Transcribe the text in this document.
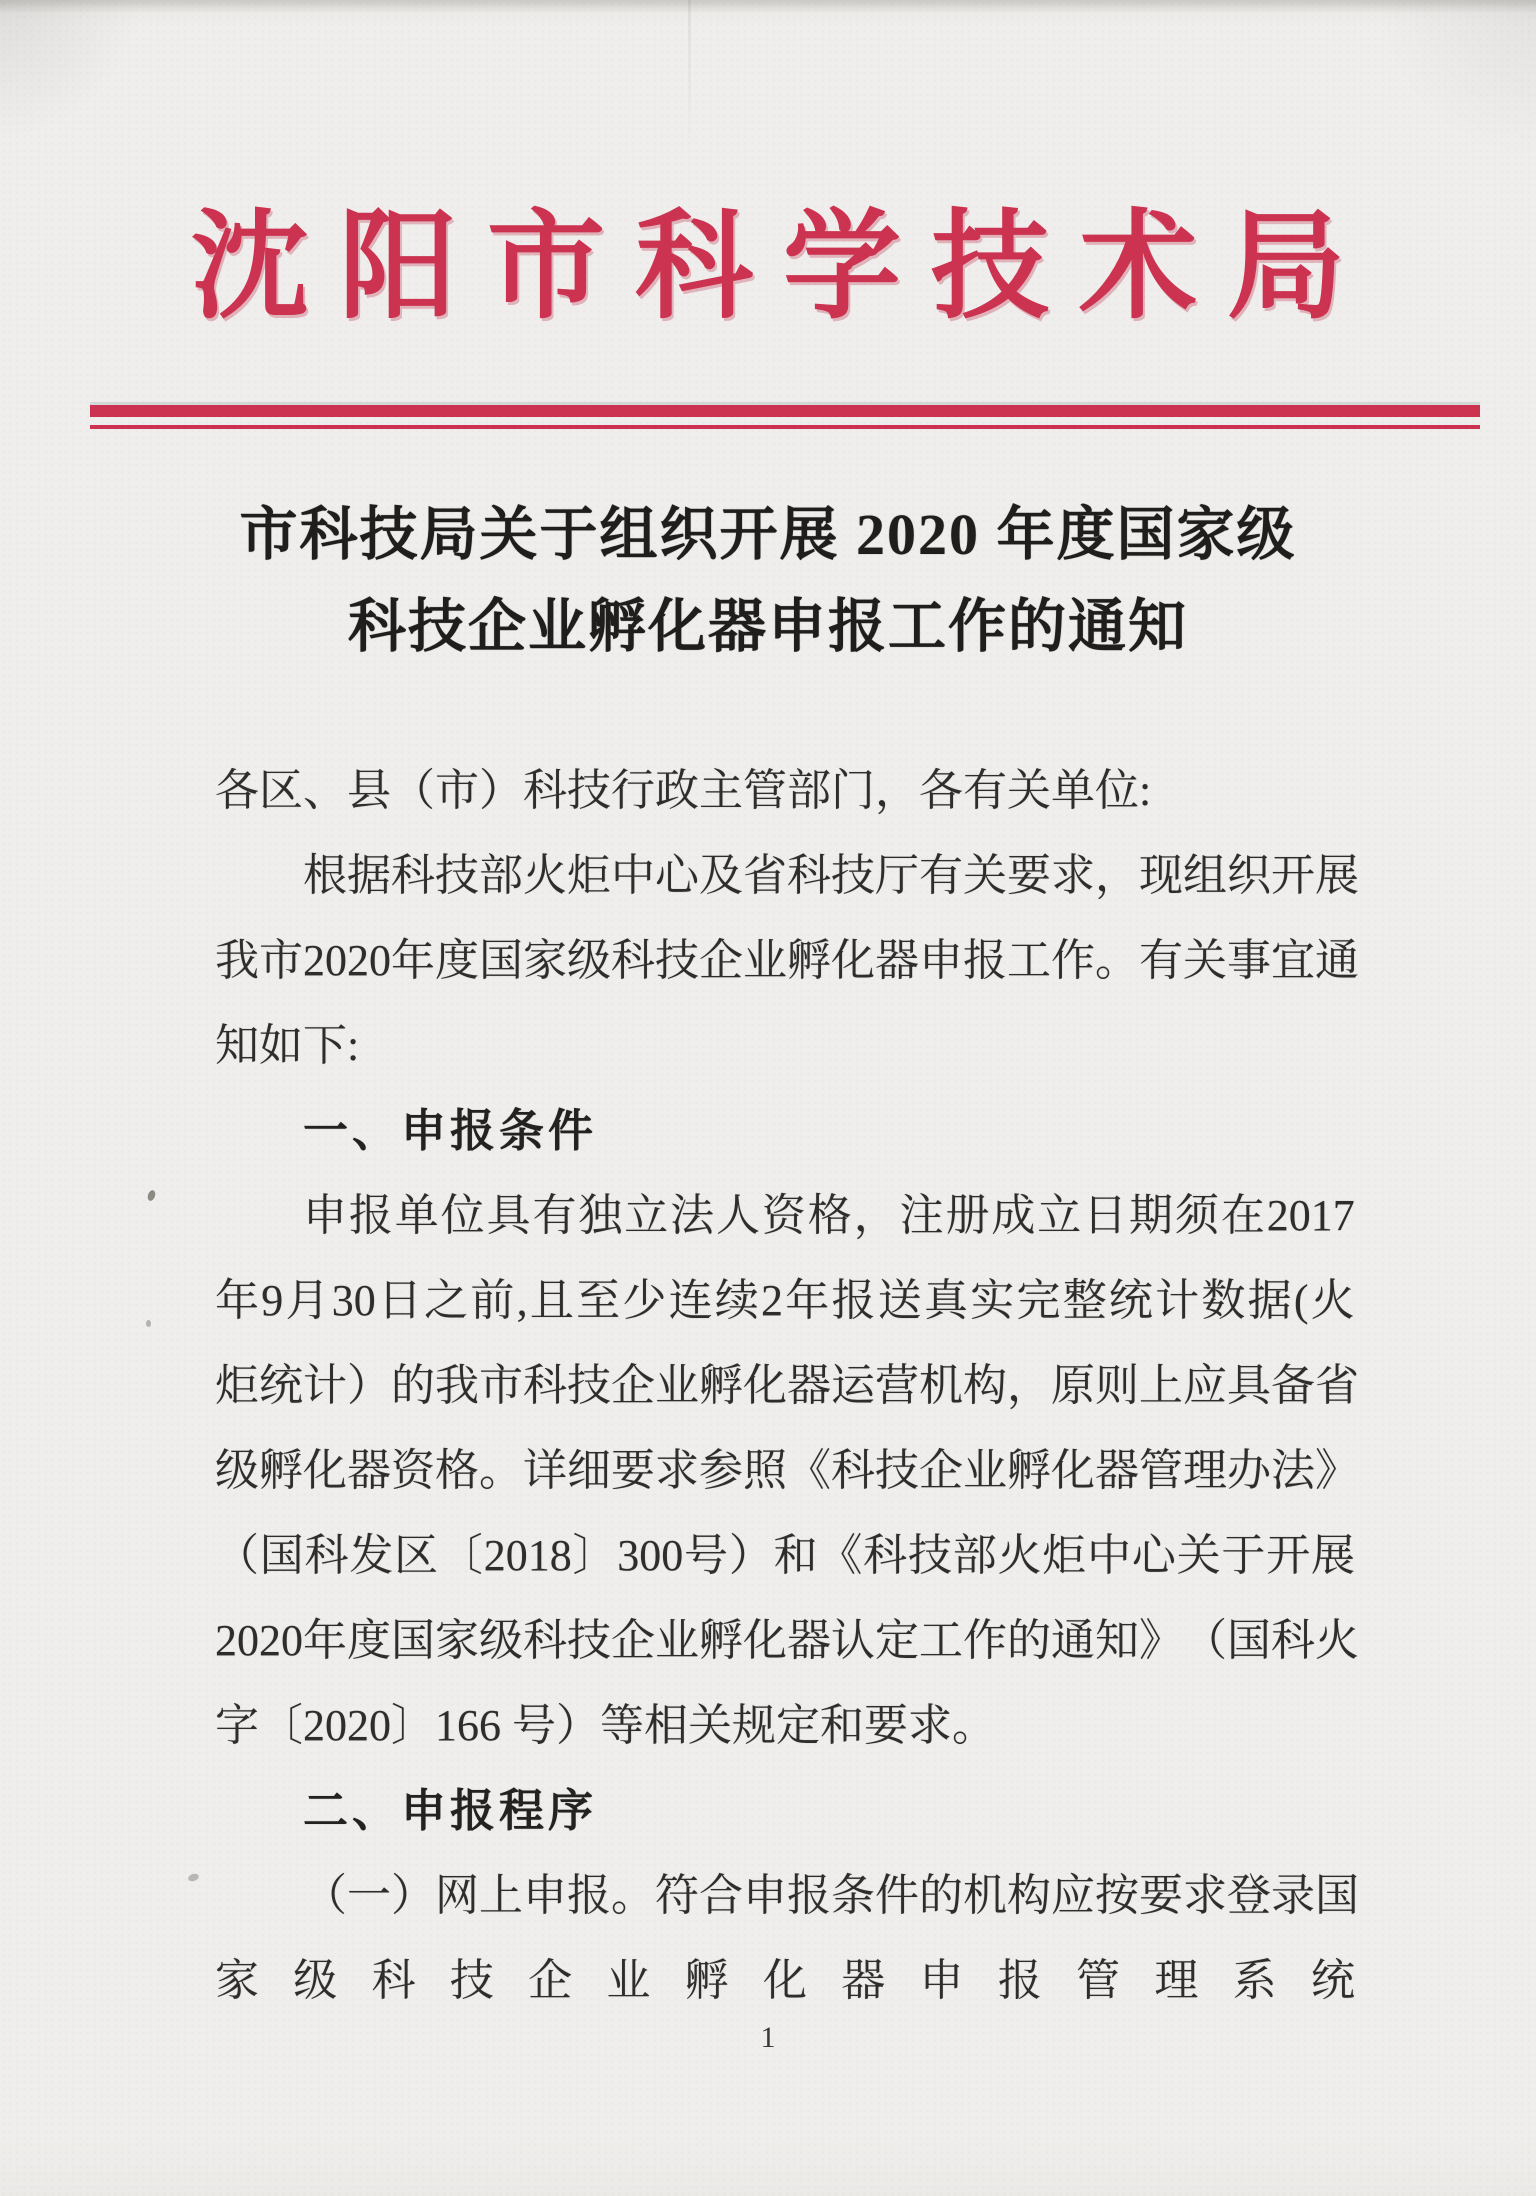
沈阳市科学技术局
市科技局关于组织开展 2020 年度国家级
科技企业孵化器申报工作的通知
各区、县（市）科技行政主管部门，各有关单位:
根 据 科 技 部 火 炬 中 心 及 省 科 技 厅 有 关 要 求 ， 现 组 织 开 展
我 市 2020 年 度 国 家 级 科 技 企 业 孵 化 器 申 报 工 作 。 有 关 事 宜 通
知如下:
一、申报条件
申 报 单 位 具 有 独 立 法 人 资 格 ， 注 册 成 立 日 期 须 在 2017
年 9 月 30 日 之 前 , 且 至 少 连 续 2 年 报 送 真 实 完 整 统 计 数 据 ( 火
炬 统 计 ） 的 我 市 科 技 企 业 孵 化 器 运 营 机 构 ， 原 则 上 应 具 备 省
级 孵 化 器 资 格 。 详 细 要 求 参 照 《 科 技 企 业 孵 化 器 管 理 办 法 》
（ 国 科 发 区 〔 2018 〕 300 号 ） 和 《 科 技 部 火 炬 中 心 关 于 开 展
2020 年 度 国 家 级 科 技 企 业 孵 化 器 认 定 工 作 的 通 知 》 （ 国 科 火
字〔2020〕166 号）等相关规定和要求。
二、申报程序
（ 一 ） 网 上 申 报 。 符 合 申 报 条 件 的 机 构 应 按 要 求 登 录 国
家 级 科 技 企 业 孵 化 器 申 报 管 理 系 统
1
